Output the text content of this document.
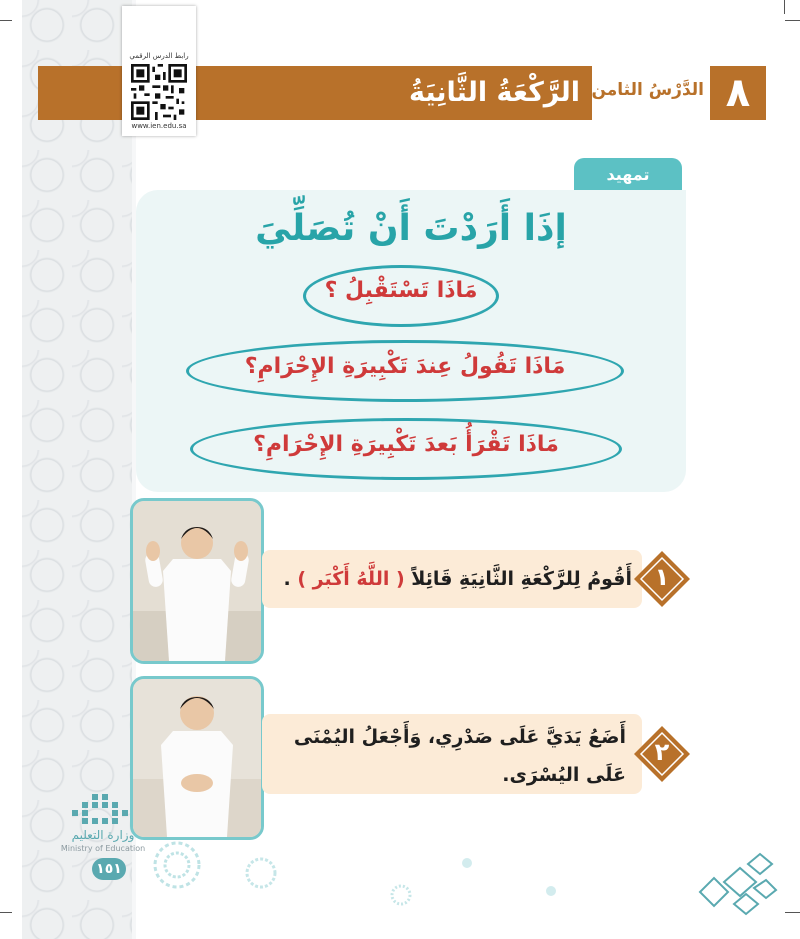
الرَّكْعَةُ الثَّانِيَةُ الدَّرْسُ الثامن ٨
رابط الدرس الرقمي
www.ien.edu.sa
تمهيد
إذَا أَرَدْتَ أَنْ تُصَلِّيَ
مَاذَا تَسْتَقْبِلُ ؟
مَاذَا تَقُولُ عِندَ تَكْبِيرَةِ الإِحْرَامِ؟
مَاذَا تَقْرَأُ بَعدَ تَكْبِيرَةِ الإِحْرَامِ؟
١
أَقُومُ لِلرَّكْعَةِ الثَّانِيَةِ قَائِلاً ( اللَّهُ أَكْبَر ) .
٢
أَضَعُ يَدَيَّ عَلَى صَدْرِي، وَأَجْعَلُ اليُمْنَى عَلَى اليُسْرَى.
وزارة التعليم
Ministry of Education
١٥١
